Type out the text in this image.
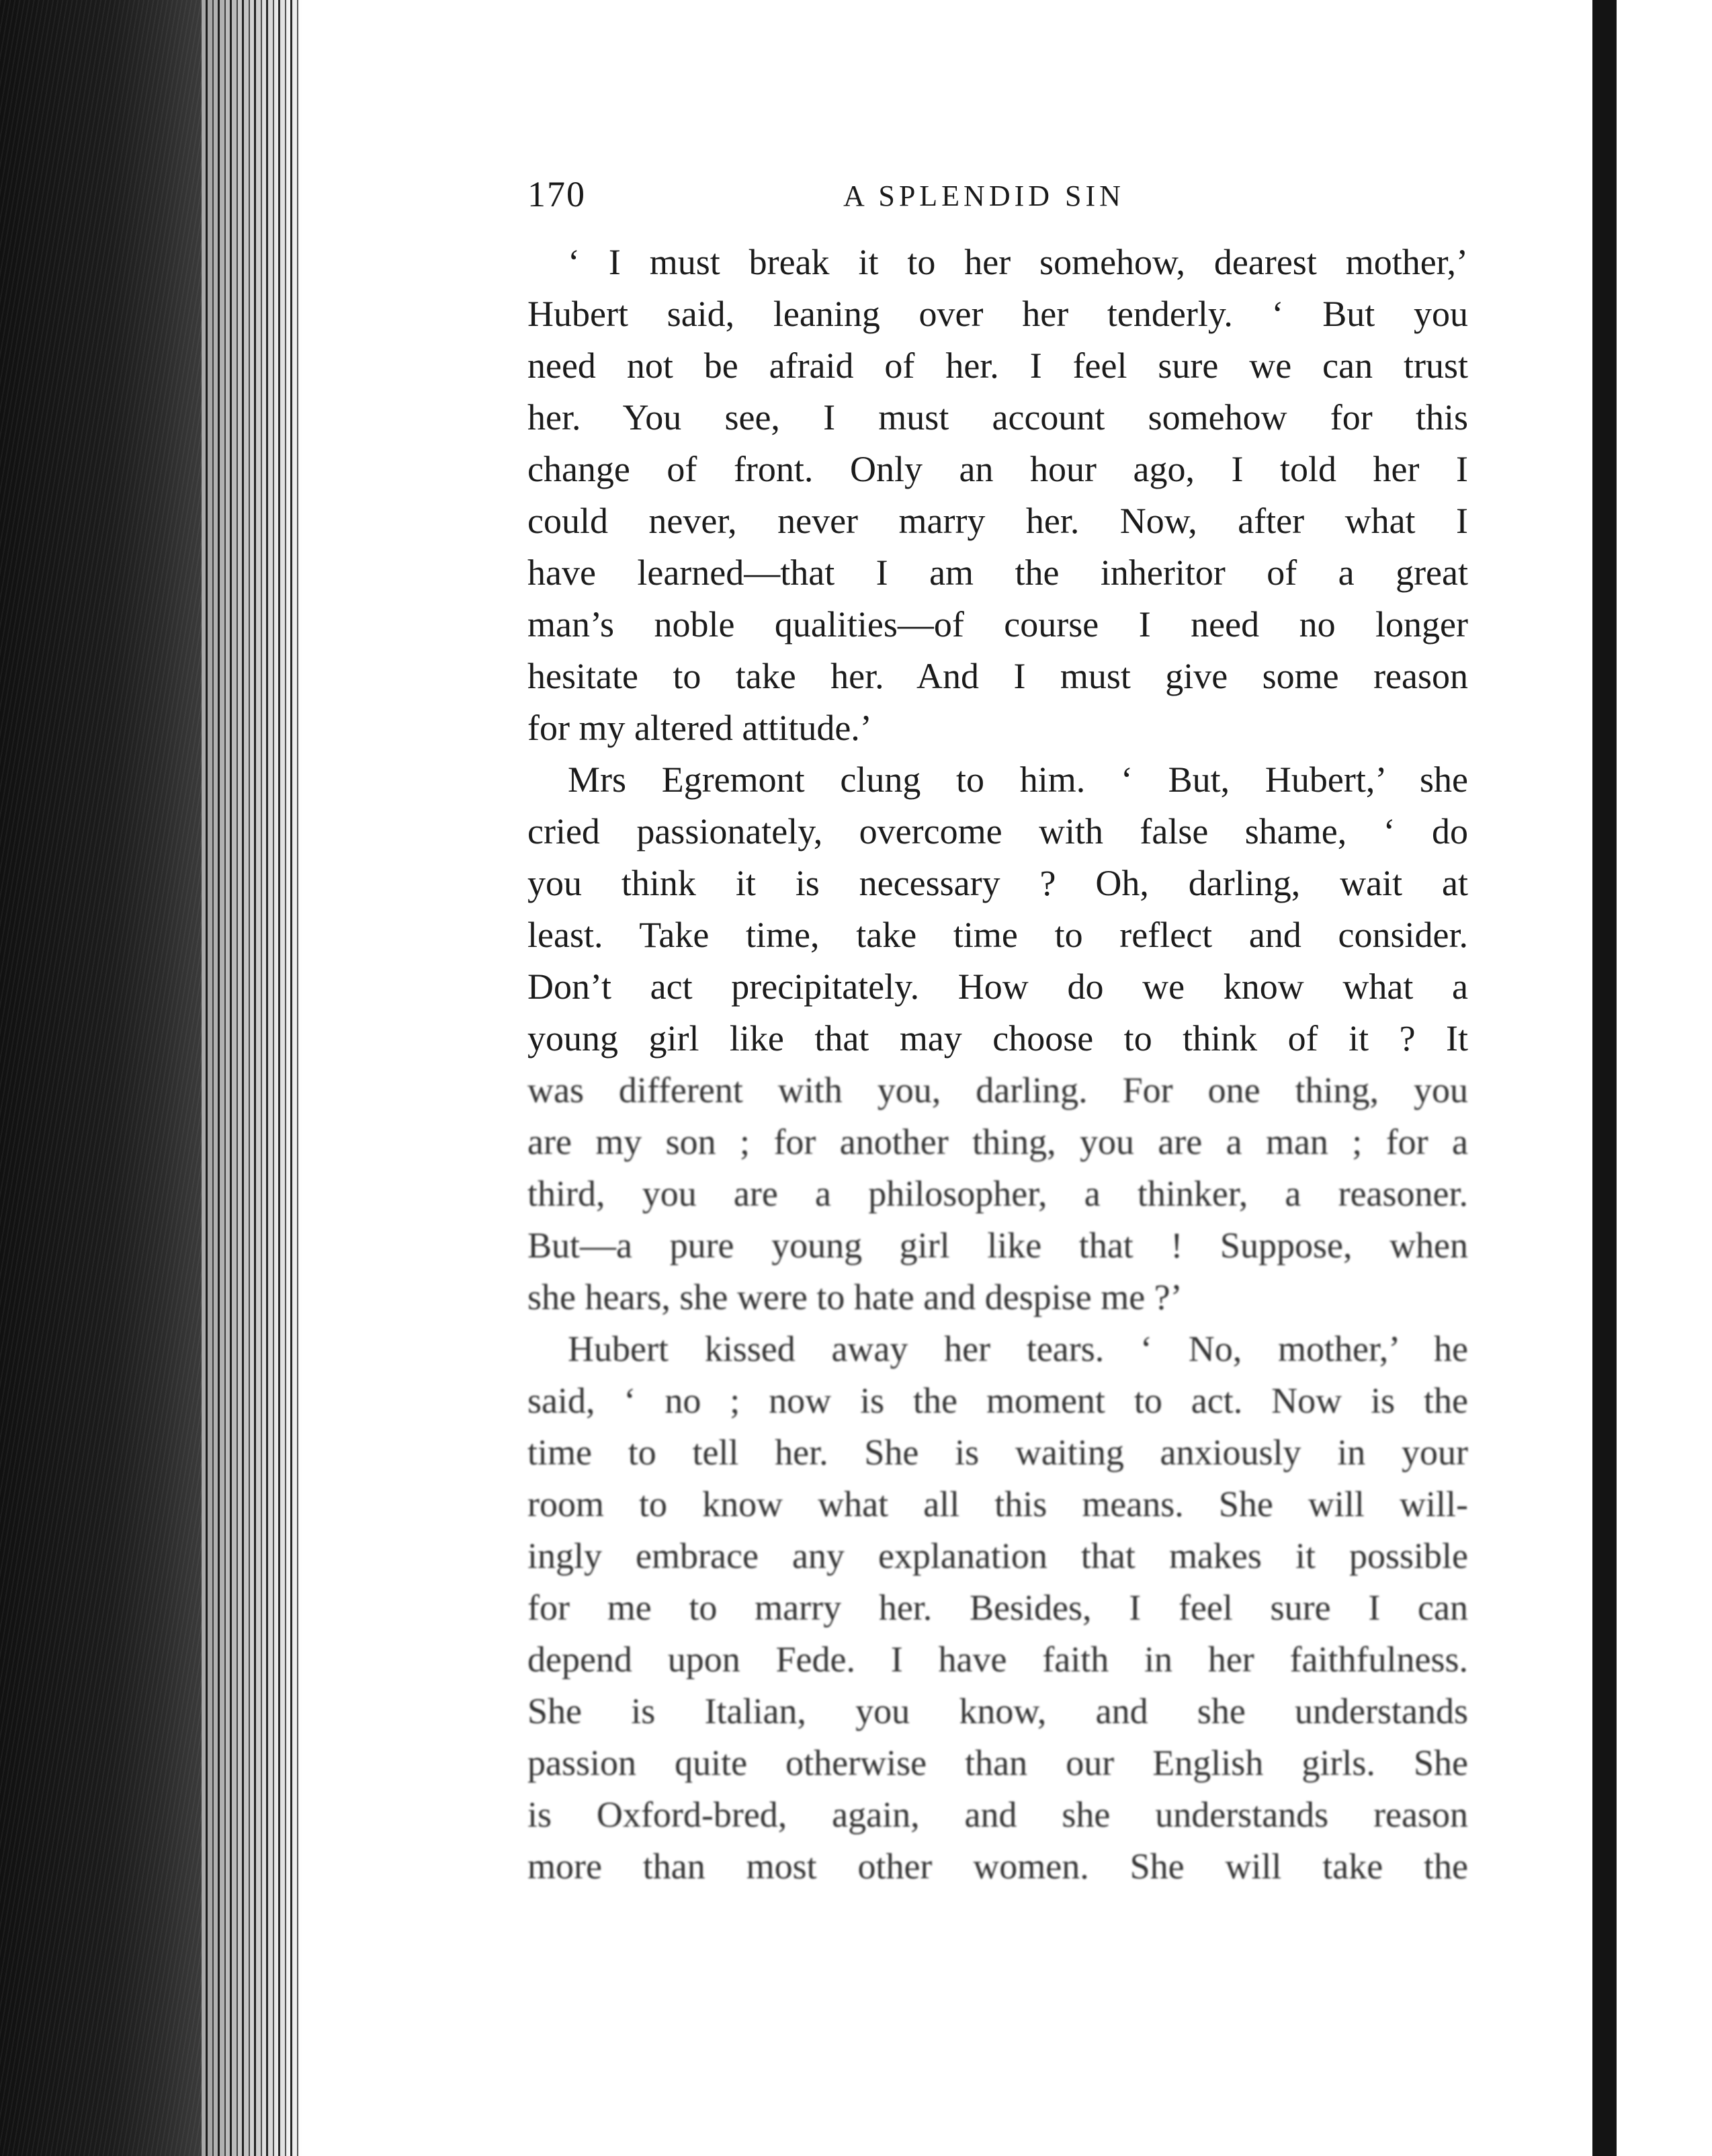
170	A SPLENDID SIN
‘ I must break it to her somehow, dearest mother,’
Hubert said, leaning over her tenderly. ‘ But you
need not be afraid of her. I feel sure we can trust
her. You see, I must account somehow for this
change of front. Only an hour ago, I told her I
could never, never marry her. Now, after what I
have learned—that I am the inheritor of a great
man’s noble qualities—of course I need no longer
hesitate to take her. And I must give some reason
for my altered attitude.’
Mrs Egremont clung to him. ‘ But, Hubert,’ she
cried passionately, overcome with false shame, ‘ do
you think it is necessary ? Oh, darling, wait at
least. Take time, take time to reflect and consider.
Don’t act precipitately. How do we know what a
young girl like that may choose to think of it ? It
was different with you, darling. For one thing, you
are my son ; for another thing, you are a man ; for a
third, you are a philosopher, a thinker, a reasoner.
But—a pure young girl like that ! Suppose, when
she hears, she were to hate and despise me ?’
Hubert kissed away her tears. ‘ No, mother,’ he
said, ‘ no ; now is the moment to act. Now is the
time to tell her. She is waiting anxiously in your
room to know what all this means. She will will-
ingly embrace any explanation that makes it possible
for me to marry her. Besides, I feel sure I can
depend upon Fede. I have faith in her faithfulness.
She is Italian, you know, and she understands
passion quite otherwise than our English girls. She
is Oxford-bred, again, and she understands reason
more than most other women. She will take the
